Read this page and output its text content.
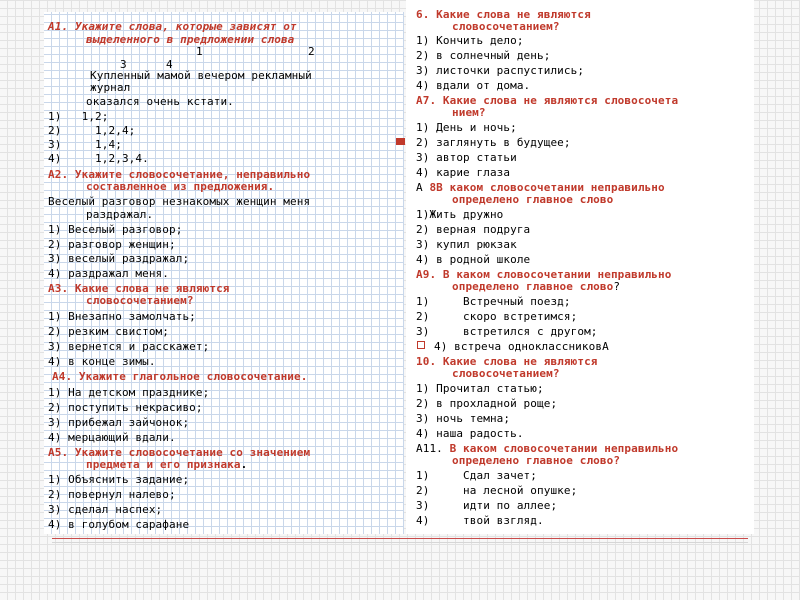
А1. Укажите слова, которые зависят от
выделенного в предложении слова
1	2
3	4
Купленный мамой вечером рекламный
журнал
оказался очень кстати.
1)   1,2;
2)     1,2,4;
3)     1,4;
4)     1,2,3,4.
А2. Укажите словосочетание, неправильно
составленное из предложения.
Веселый разговор незнакомых женщин меня
раздражал.
1) Веселый разговор;
2) разговор женщин;
3) веселый раздражал;
4) раздражал меня.
А3. Какие слова не являются
словосочетанием?
1) Внезапно замолчать;
2) резким свистом;
3) вернется и расскажет;
4) в конце зимы.
А4. Укажите глагольное словосочетание.
1) На детском празднике;
2) поступить некрасиво;
3) прибежал зайчонок;
4) мерцающий вдали.
А5. Укажите словосочетание со значением
предмета и его признака.
1) Объяснить задание;
2) повернул налево;
3) сделал наспех;
4) в голубом сарафане
6. Какие слова не являются
словосочетанием?
1) Кончить дело;
2) в солнечный день;
3) листочки распустились;
4) вдали от дома.
А7. Какие слова не являются словосочета
нием?
1) День и ночь;
2) заглянуть в будущее;
3) автор статьи
4) карие глаза
А 8В каком словосочетании неправильно
определено главное слово
1)Жить дружно
2) верная подруга
3) купил рюкзак
4) в родной школе
А9. В каком словосочетании неправильно
определено главное слово?
1)     Встречный поезд;
2)     скоро встретимся;
3)     встретился с другом;
4) встреча одноклассниковА
10. Какие слова не являются
словосочетанием?
1) Прочитал статью;
2) в прохладной роще;
3) ночь темна;
4) наша радость.
А11. В каком словосочетании неправильно
определено главное слово?
1)     Сдал зачет;
2)     на лесной опушке;
3)     идти по аллее;
4)     твой взгляд.
